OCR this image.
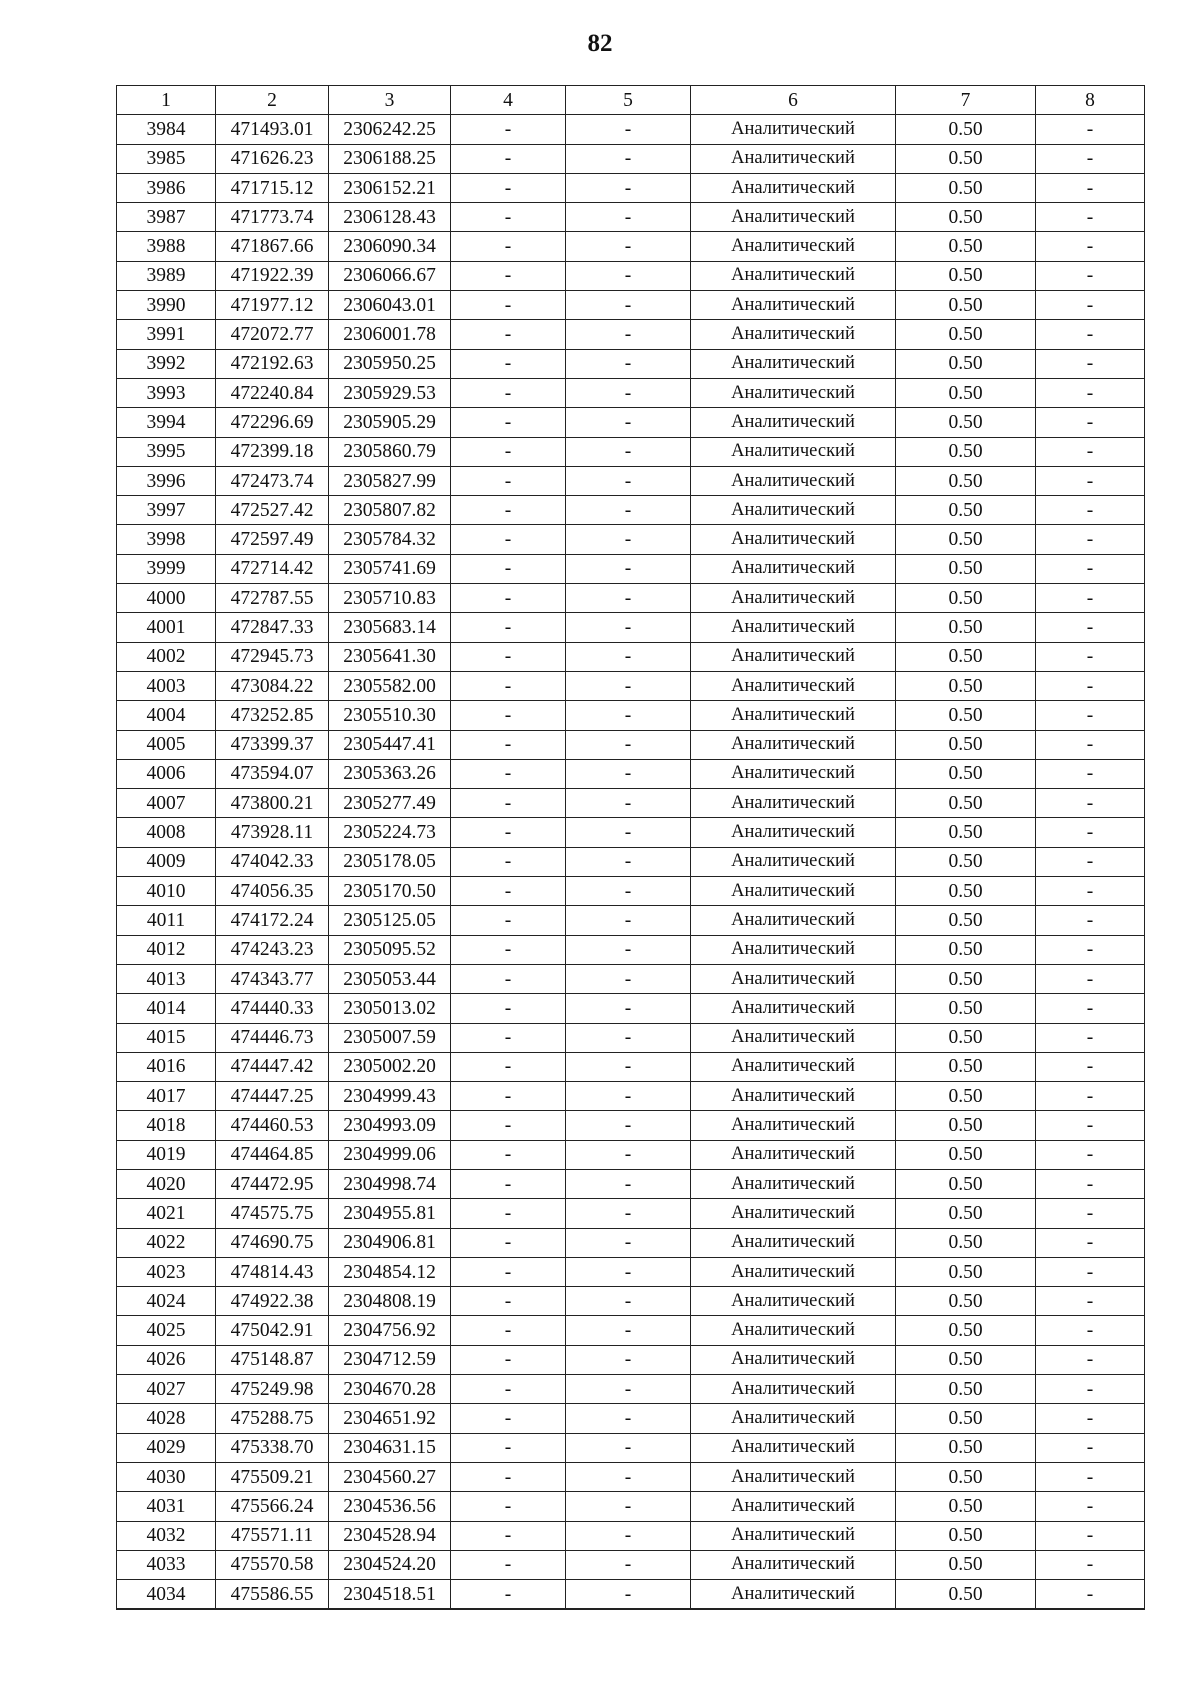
82
1	2	3	4	5	6	7	8
3984	471493.01	2306242.25	-	-	Аналитический	0.50	-
3985	471626.23	2306188.25	-	-	Аналитический	0.50	-
3986	471715.12	2306152.21	-	-	Аналитический	0.50	-
3987	471773.74	2306128.43	-	-	Аналитический	0.50	-
3988	471867.66	2306090.34	-	-	Аналитический	0.50	-
3989	471922.39	2306066.67	-	-	Аналитический	0.50	-
3990	471977.12	2306043.01	-	-	Аналитический	0.50	-
3991	472072.77	2306001.78	-	-	Аналитический	0.50	-
3992	472192.63	2305950.25	-	-	Аналитический	0.50	-
3993	472240.84	2305929.53	-	-	Аналитический	0.50	-
3994	472296.69	2305905.29	-	-	Аналитический	0.50	-
3995	472399.18	2305860.79	-	-	Аналитический	0.50	-
3996	472473.74	2305827.99	-	-	Аналитический	0.50	-
3997	472527.42	2305807.82	-	-	Аналитический	0.50	-
3998	472597.49	2305784.32	-	-	Аналитический	0.50	-
3999	472714.42	2305741.69	-	-	Аналитический	0.50	-
4000	472787.55	2305710.83	-	-	Аналитический	0.50	-
4001	472847.33	2305683.14	-	-	Аналитический	0.50	-
4002	472945.73	2305641.30	-	-	Аналитический	0.50	-
4003	473084.22	2305582.00	-	-	Аналитический	0.50	-
4004	473252.85	2305510.30	-	-	Аналитический	0.50	-
4005	473399.37	2305447.41	-	-	Аналитический	0.50	-
4006	473594.07	2305363.26	-	-	Аналитический	0.50	-
4007	473800.21	2305277.49	-	-	Аналитический	0.50	-
4008	473928.11	2305224.73	-	-	Аналитический	0.50	-
4009	474042.33	2305178.05	-	-	Аналитический	0.50	-
4010	474056.35	2305170.50	-	-	Аналитический	0.50	-
4011	474172.24	2305125.05	-	-	Аналитический	0.50	-
4012	474243.23	2305095.52	-	-	Аналитический	0.50	-
4013	474343.77	2305053.44	-	-	Аналитический	0.50	-
4014	474440.33	2305013.02	-	-	Аналитический	0.50	-
4015	474446.73	2305007.59	-	-	Аналитический	0.50	-
4016	474447.42	2305002.20	-	-	Аналитический	0.50	-
4017	474447.25	2304999.43	-	-	Аналитический	0.50	-
4018	474460.53	2304993.09	-	-	Аналитический	0.50	-
4019	474464.85	2304999.06	-	-	Аналитический	0.50	-
4020	474472.95	2304998.74	-	-	Аналитический	0.50	-
4021	474575.75	2304955.81	-	-	Аналитический	0.50	-
4022	474690.75	2304906.81	-	-	Аналитический	0.50	-
4023	474814.43	2304854.12	-	-	Аналитический	0.50	-
4024	474922.38	2304808.19	-	-	Аналитический	0.50	-
4025	475042.91	2304756.92	-	-	Аналитический	0.50	-
4026	475148.87	2304712.59	-	-	Аналитический	0.50	-
4027	475249.98	2304670.28	-	-	Аналитический	0.50	-
4028	475288.75	2304651.92	-	-	Аналитический	0.50	-
4029	475338.70	2304631.15	-	-	Аналитический	0.50	-
4030	475509.21	2304560.27	-	-	Аналитический	0.50	-
4031	475566.24	2304536.56	-	-	Аналитический	0.50	-
4032	475571.11	2304528.94	-	-	Аналитический	0.50	-
4033	475570.58	2304524.20	-	-	Аналитический	0.50	-
4034	475586.55	2304518.51	-	-	Аналитический	0.50	-
